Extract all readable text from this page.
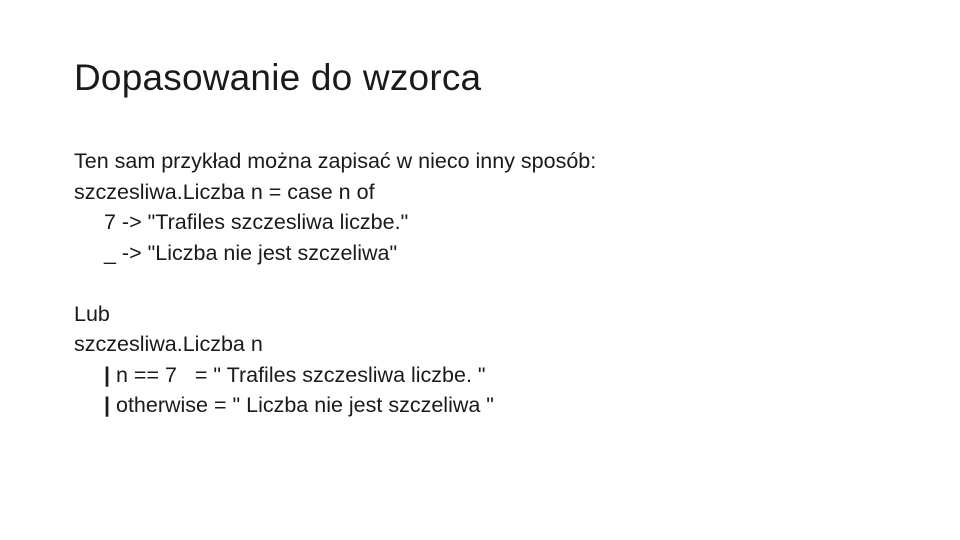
Dopasowanie do wzorca
Ten sam przykład można zapisać w nieco inny sposób:
szczesliwa.Liczba n = case n of
7 -> "Trafiles szczesliwa liczbe."
_ -> "Liczba nie jest szczeliwa"
Lub
szczesliwa.Liczba n
| n == 7   = " Trafiles szczesliwa liczbe. "
| otherwise = " Liczba nie jest szczeliwa "
